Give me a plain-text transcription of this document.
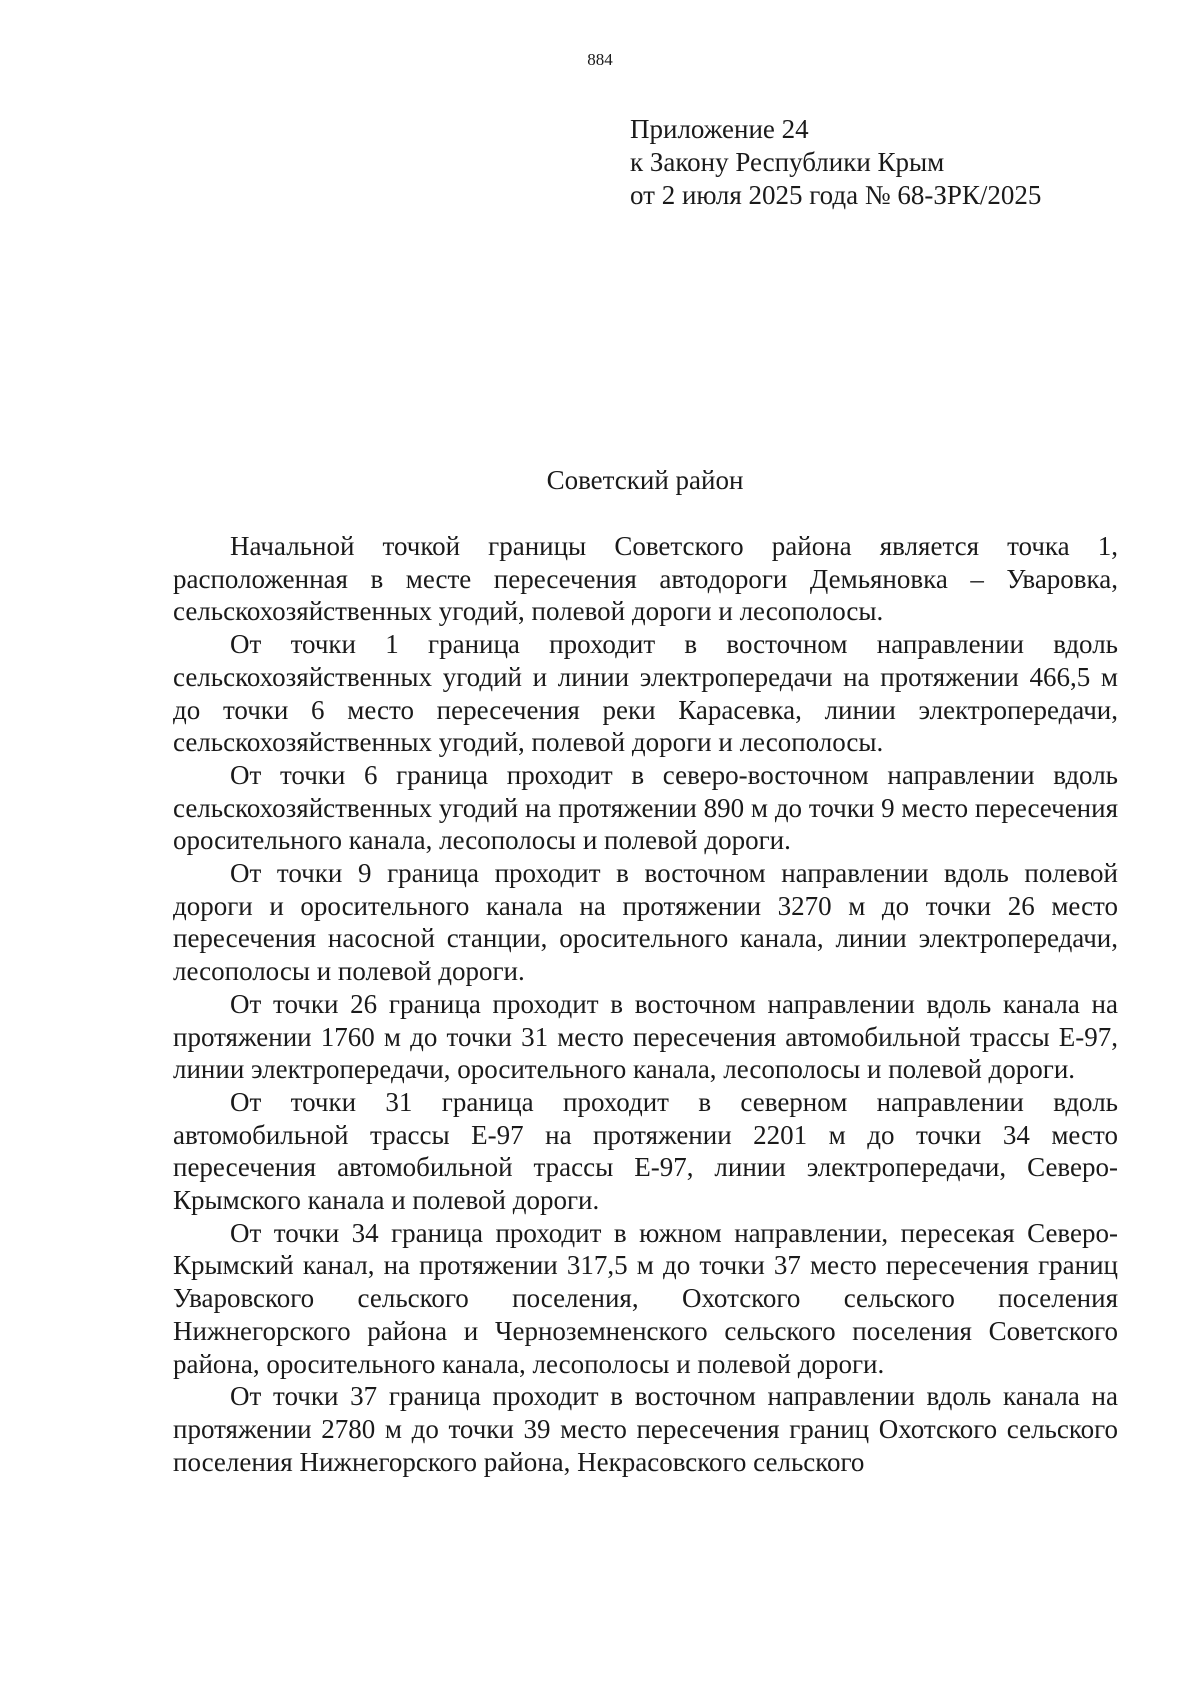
884
Приложение 24
к Закону Республики Крым
от 2 июля 2025 года № 68-ЗРК/2025
Советский район

Начальной точкой границы Советского района является точка 1, расположенная в месте пересечения автодороги Демьяновка – Уваровка, сельскохозяйственных угодий, полевой дороги и лесополосы.

От точки 1 граница проходит в восточном направлении вдоль сельскохозяйственных угодий и линии электропередачи на протяжении 466,5 м до точки 6 место пересечения реки Карасевка, линии электропередачи, сельскохозяйственных угодий, полевой дороги и лесополосы.

От точки 6 граница проходит в северо-восточном направлении вдоль сельскохозяйственных угодий на протяжении 890 м до точки 9 место пересечения оросительного канала, лесополосы и полевой дороги.

От точки 9 граница проходит в восточном направлении вдоль полевой дороги и оросительного канала на протяжении 3270 м до точки 26 место пересечения насосной станции, оросительного канала, линии электропередачи, лесополосы и полевой дороги.

От точки 26 граница проходит в восточном направлении вдоль канала на протяжении 1760 м до точки 31 место пересечения автомобильной трассы Е-97, линии электропередачи, оросительного канала, лесополосы и полевой дороги.

От точки 31 граница проходит в северном направлении вдоль автомобильной трассы Е-97 на протяжении 2201 м до точки 34 место пересечения автомобильной трассы Е-97, линии электропередачи, Северо-Крымского канала и полевой дороги.

От точки 34 граница проходит в южном направлении, пересекая Северо-Крымский канал, на протяжении 317,5 м до точки 37 место пересечения границ Уваровского сельского поселения, Охотского сельского поселения Нижнегорского района и Черноземненского сельского поселения Советского района, оросительного канала, лесополосы и полевой дороги.

От точки 37 граница проходит в восточном направлении вдоль канала на протяжении 2780 м до точки 39 место пересечения границ Охотского сельского поселения Нижнегорского района, Некрасовского сельского
